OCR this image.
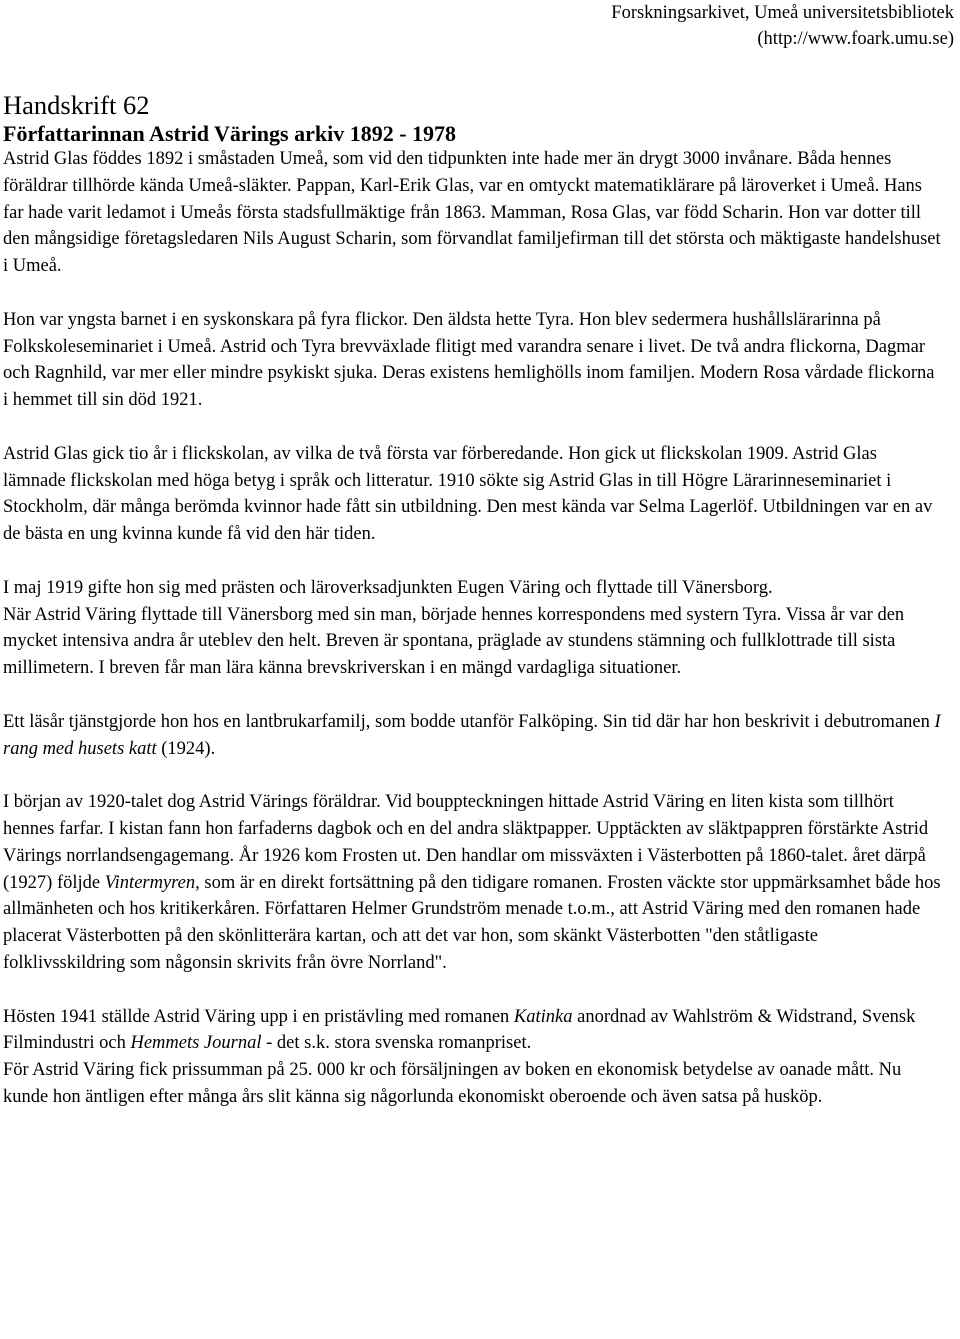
Forskningsarkivet, Umeå universitetsbibliotek
(http://www.foark.umu.se)
Handskrift 62
Författarinnan Astrid Värings arkiv 1892 - 1978

Astrid Glas föddes 1892 i småstaden Umeå, som vid den tidpunkten inte hade mer än drygt 3000 invånare. Båda hennes föräldrar tillhörde kända Umeå-släkter. Pappan, Karl-Erik Glas, var en omtyckt matematiklärare på läroverket i Umeå. Hans far hade varit ledamot i Umeås första stadsfullmäktige från 1863. Mamman, Rosa Glas, var född Scharin. Hon var dotter till den mångsidige företagsledaren Nils August Scharin, som förvandlat familjefirman till det största och mäktigaste handelshuset i Umeå.

Hon var yngsta barnet i en syskonskara på fyra flickor. Den äldsta hette Tyra. Hon blev sedermera hushållslärarinna på Folkskoleseminariet i Umeå. Astrid och Tyra brevväxlade flitigt med varandra senare i livet. De två andra flickorna, Dagmar och Ragnhild, var mer eller mindre psykiskt sjuka. Deras existens hemlighölls inom familjen. Modern Rosa vårdade flickorna i hemmet till sin död 1921.

Astrid Glas gick tio år i flickskolan, av vilka de två första var förberedande. Hon gick ut flickskolan 1909. Astrid Glas lämnade flickskolan med höga betyg i språk och litteratur. 1910 sökte sig Astrid Glas in till Högre Lärarinneseminariet i Stockholm, där många berömda kvinnor hade fått sin utbildning. Den mest kända var Selma Lagerlöf. Utbildningen var en av de bästa en ung kvinna kunde få vid den här tiden.

I maj 1919 gifte hon sig med prästen och läroverksadjunkten Eugen Väring och flyttade till Vänersborg.

När Astrid Väring flyttade till Vänersborg med sin man, började hennes korrespondens med systern Tyra. Vissa år var den mycket intensiva andra år uteblev den helt. Breven är spontana, präglade av stundens stämning och fullklottrade till sista millimetern. I breven får man lära känna brevskriverskan i en mängd vardagliga situationer.

Ett läsår tjänstgjorde hon hos en lantbrukarfamilj, som bodde utanför Falköping. Sin tid där har hon beskrivit i debutromanen I rang med husets katt (1924).

I början av 1920-talet dog Astrid Värings föräldrar. Vid bouppteckningen hittade Astrid Väring en liten kista som tillhört hennes farfar. I kistan fann hon farfaderns dagbok och en del andra släktpapper. Upptäckten av släktpappren förstärkte Astrid Värings norrlandsengagemang. År 1926 kom Frosten ut. Den handlar om missväxten i Västerbotten på 1860-talet. året därpå (1927) följde Vintermyren, som är en direkt fortsättning på den tidigare romanen. Frosten väckte stor uppmärksamhet både hos allmänheten och hos kritikerkåren. Författaren Helmer Grundström menade t.o.m., att Astrid Väring med den romanen hade placerat Västerbotten på den skönlitterära kartan, och att det var hon, som skänkt Västerbotten "den ståtligaste folklivsskildring som någonsin skrivits från övre Norrland".

Hösten 1941 ställde Astrid Väring upp i en pristävling med romanen Katinka anordnad av Wahlström & Widstrand, Svensk Filmindustri och Hemmets Journal - det s.k. stora svenska romanpriset.

För Astrid Väring fick prissumman på 25. 000 kr och försäljningen av boken en ekonomisk betydelse av oanade mått. Nu kunde hon äntligen efter många års slit känna sig någorlunda ekonomiskt oberoende och även satsa på husköp.
